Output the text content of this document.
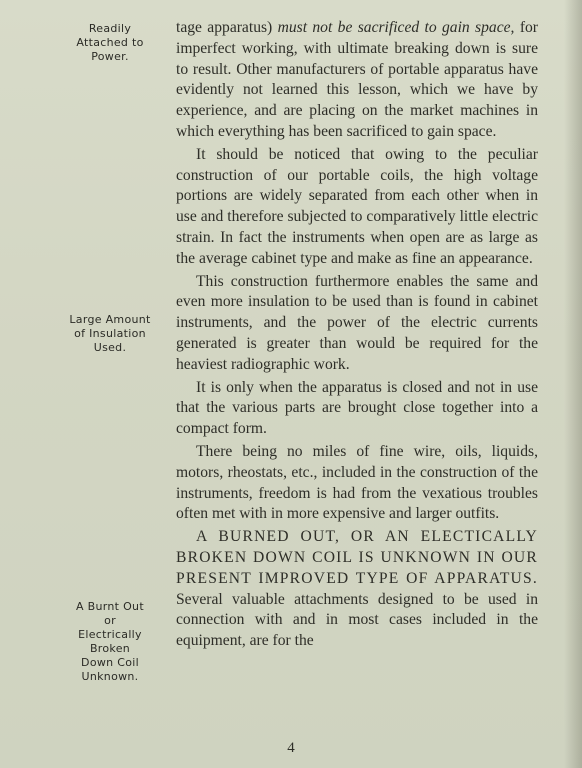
Readily
Attached to
Power.
Large Amount
of Insulation
Used.
A Burnt Out
or
Electrically
Broken
Down Coil
Unknown.

tage apparatus) must not be sacrificed to gain space, for imperfect working, with ultimate breaking down is sure to result. Other manufacturers of portable apparatus have evidently not learned this lesson, which we have by experience, and are placing on the market machines in which everything has been sacrificed to gain space.

It should be noticed that owing to the peculiar construction of our portable coils, the high voltage portions are widely separated from each other when in use and therefore subjected to comparatively little electric strain. In fact the instruments when open are as large as the average cabinet type and make as fine an appearance.

This construction furthermore enables the same and even more insulation to be used than is found in cabinet instruments, and the power of the electric currents generated is greater than would be required for the heaviest radiographic work.

It is only when the apparatus is closed and not in use that the various parts are brought close together into a compact form.

There being no miles of fine wire, oils, liquids, motors, rheostats, etc., included in the construction of the instruments, freedom is had from the vexatious troubles often met with in more expensive and larger outfits.

A BURNED OUT, OR AN ELECTICALLY BROKEN DOWN COIL IS UNKNOWN IN OUR PRESENT IMPROVED TYPE OF APPARATUS. Several valuable attachments designed to be used in connection with and in most cases included in the equipment, are for the

4
